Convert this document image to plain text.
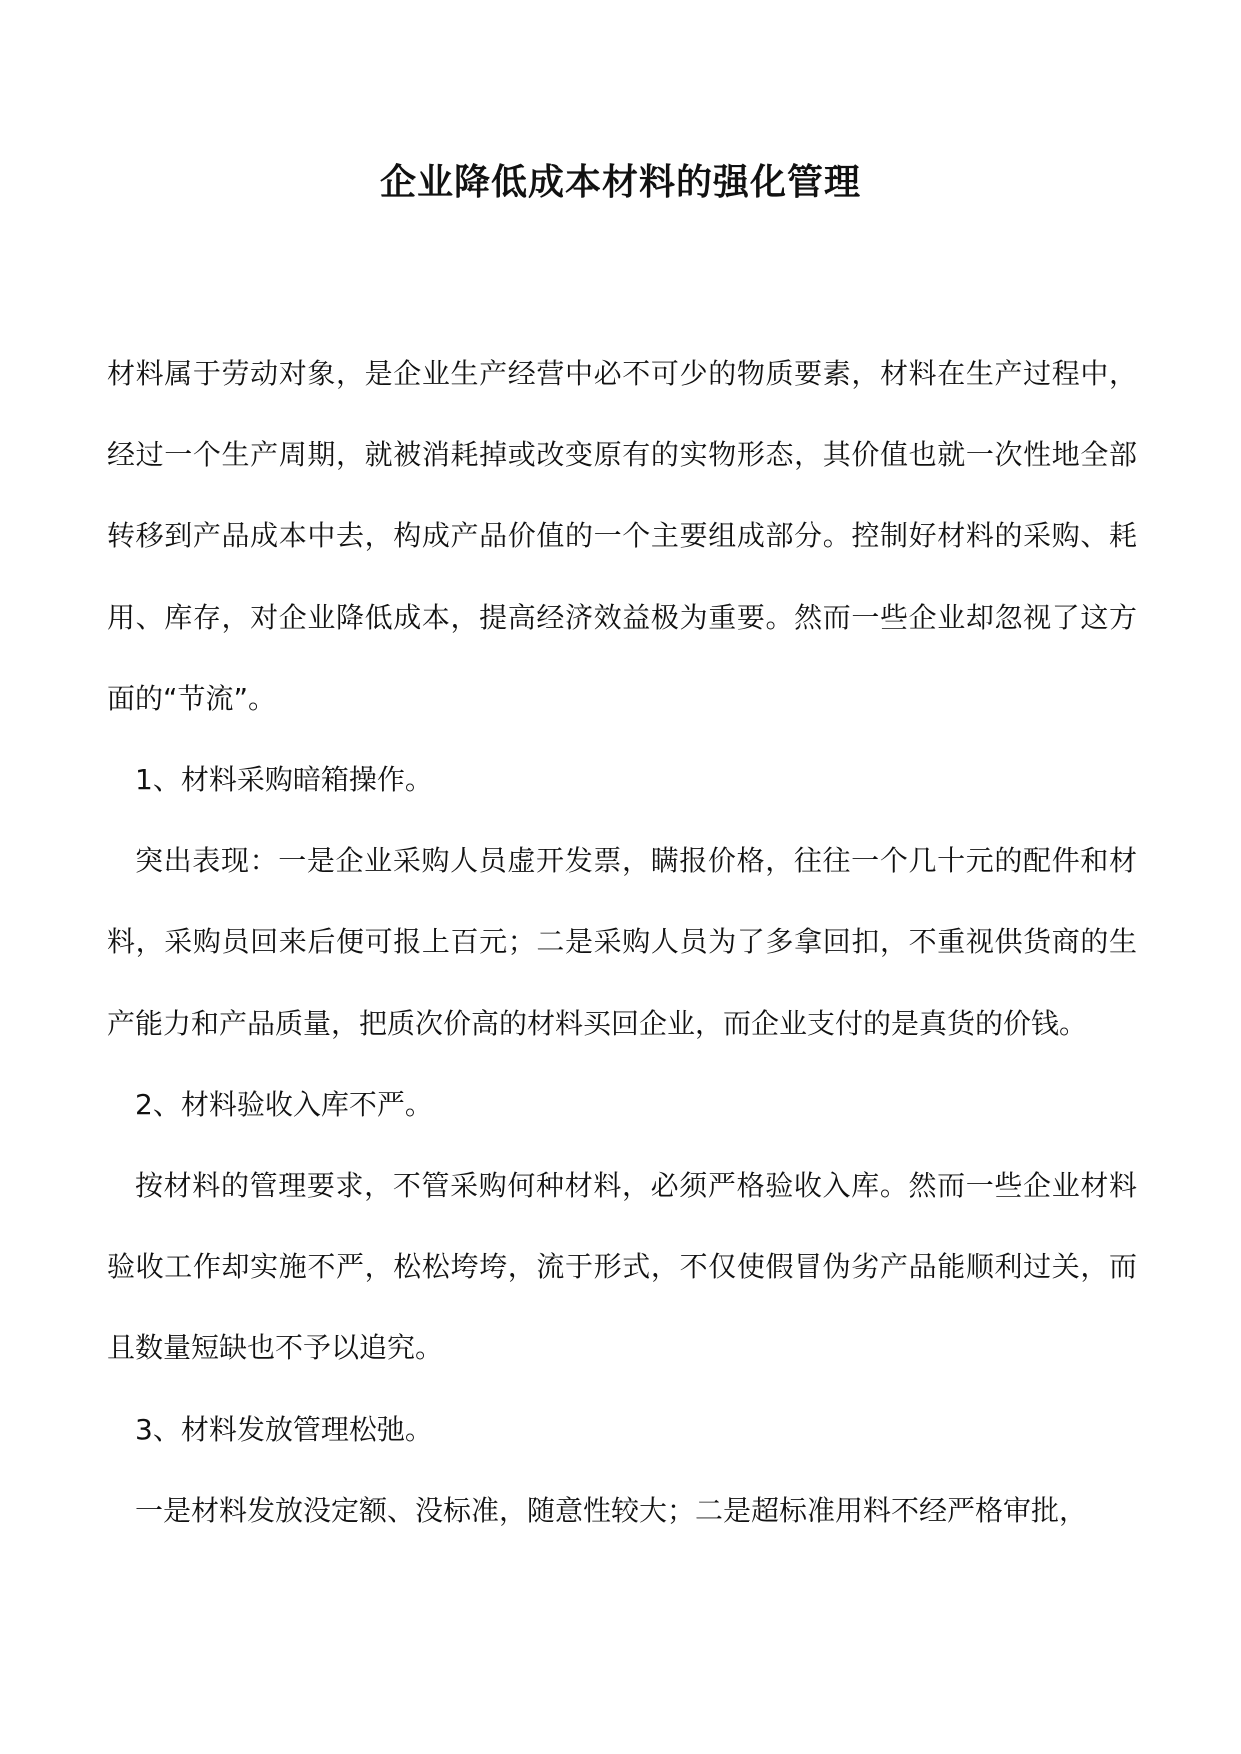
企业降低成本材料的强化管理

材料属于劳动对象，是企业生产经营中必不可少的物质要素，材料在生产过程中，经过一个生产周期，就被消耗掉或改变原有的实物形态，其价值也就一次性地全部转移到产品成本中去，构成产品价值的一个主要组成部分。控制好材料的采购、耗用、库存，对企业降低成本，提高经济效益极为重要。然而一些企业却忽视了这方面的“节流”。

1、材料采购暗箱操作。

突出表现：一是企业采购人员虚开发票，瞒报价格，往往一个几十元的配件和材料，采购员回来后便可报上百元；二是采购人员为了多拿回扣，不重视供货商的生产能力和产品质量，把质次价高的材料买回企业，而企业支付的是真货的价钱。

2、材料验收入库不严。

按材料的管理要求，不管采购何种材料，必须严格验收入库。然而一些企业材料验收工作却实施不严，松松垮垮，流于形式，不仅使假冒伪劣产品能顺利过关，而且数量短缺也不予以追究。

3、材料发放管理松弛。

一是材料发放没定额、没标准，随意性较大；二是超标准用料不经严格审批，
